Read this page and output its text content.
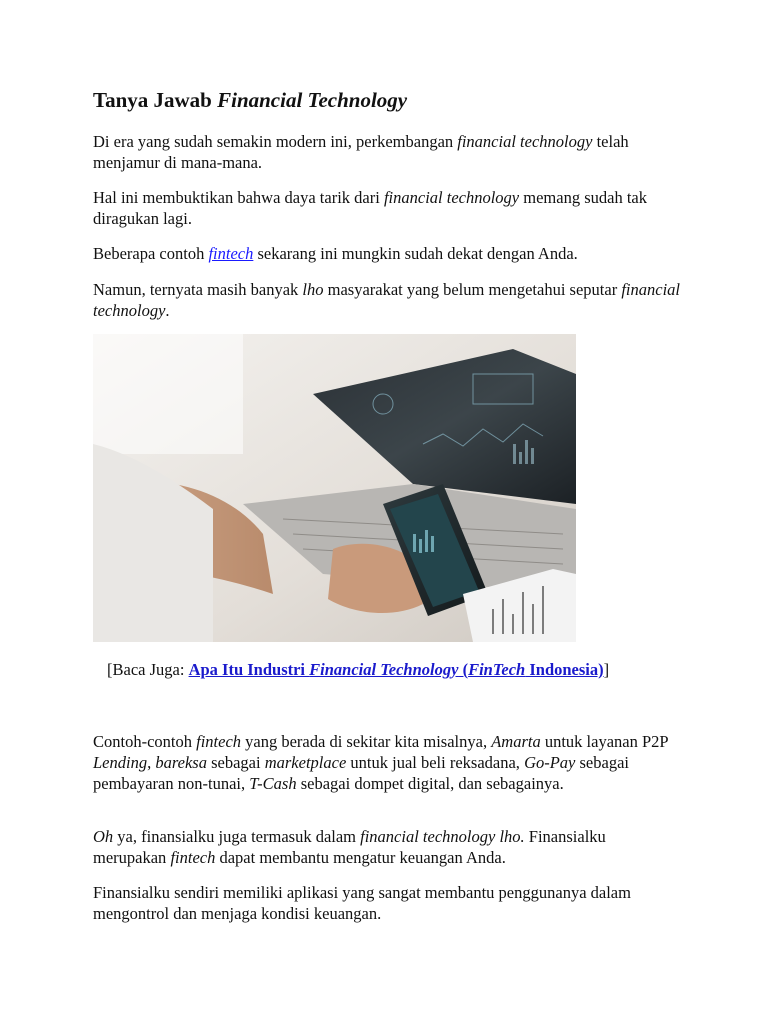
Tanya Jawab Financial Technology

Di era yang sudah semakin modern ini, perkembangan financial technology telah menjamur di mana-mana.

Hal ini membuktikan bahwa daya tarik dari financial technology memang sudah tak diragukan lagi.

Beberapa contoh fintech sekarang ini mungkin sudah dekat dengan Anda.

Namun, ternyata masih banyak lho masyarakat yang belum mengetahui seputar financial technology.

[Baca Juga: Apa Itu Industri Financial Technology (FinTech Indonesia)]

Contoh-contoh fintech yang berada di sekitar kita misalnya, Amarta untuk layanan P2P Lending, bareksa sebagai marketplace untuk jual beli reksadana, Go-Pay sebagai pembayaran non-tunai, T-Cash sebagai dompet digital, dan sebagainya.

Oh ya, finansialku juga termasuk dalam financial technology lho. Finansialku merupakan fintech dapat membantu mengatur keuangan Anda.

Finansialku sendiri memiliki aplikasi yang sangat membantu penggunanya dalam mengontrol dan menjaga kondisi keuangan.
